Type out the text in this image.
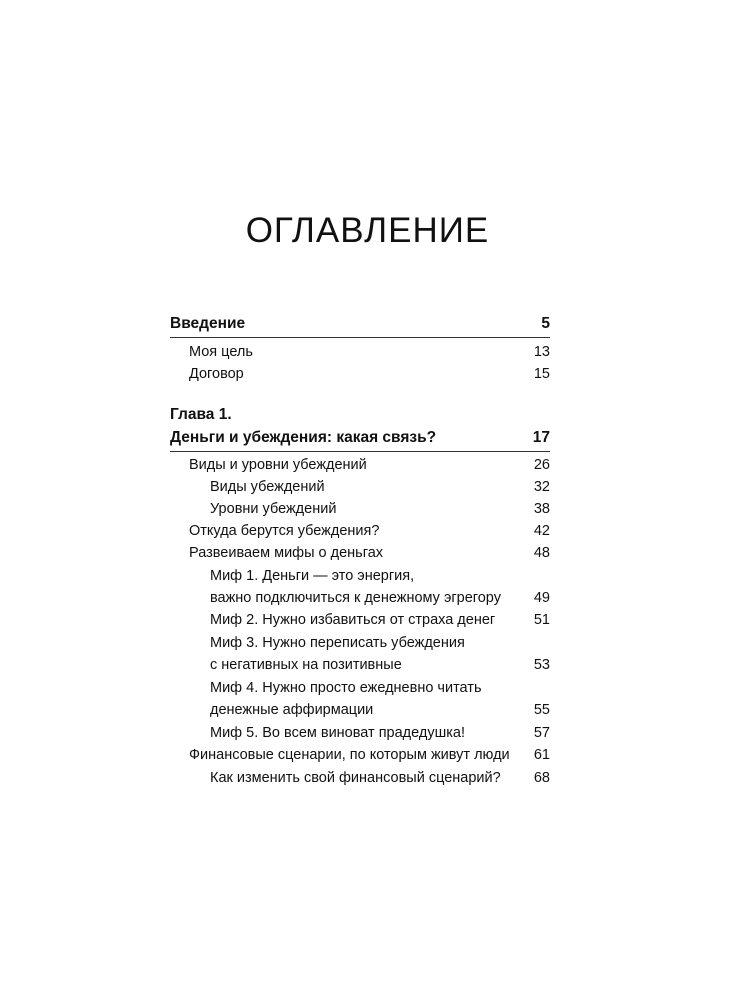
ОГЛАВЛЕНИЕ
Введение	5
Моя цель	13
Договор	15
Глава 1.
Деньги и убеждения: какая связь?	17
Виды и уровни убеждений	26
Виды убеждений	32
Уровни убеждений	38
Откуда берутся убеждения?	42
Развеиваем мифы о деньгах	48
Миф 1. Деньги — это энергия,
важно подключиться к денежному эгрегору 49
Миф 2. Нужно избавиться от страха денег	51
Миф 3. Нужно переписать убеждения
с негативных на позитивные	53
Миф 4. Нужно просто ежедневно читать
денежные аффирмации	55
Миф 5. Во всем виноват прадедушка!	57
Финансовые сценарии, по которым живут люди 61
Как изменить свой финансовый сценарий? 68
